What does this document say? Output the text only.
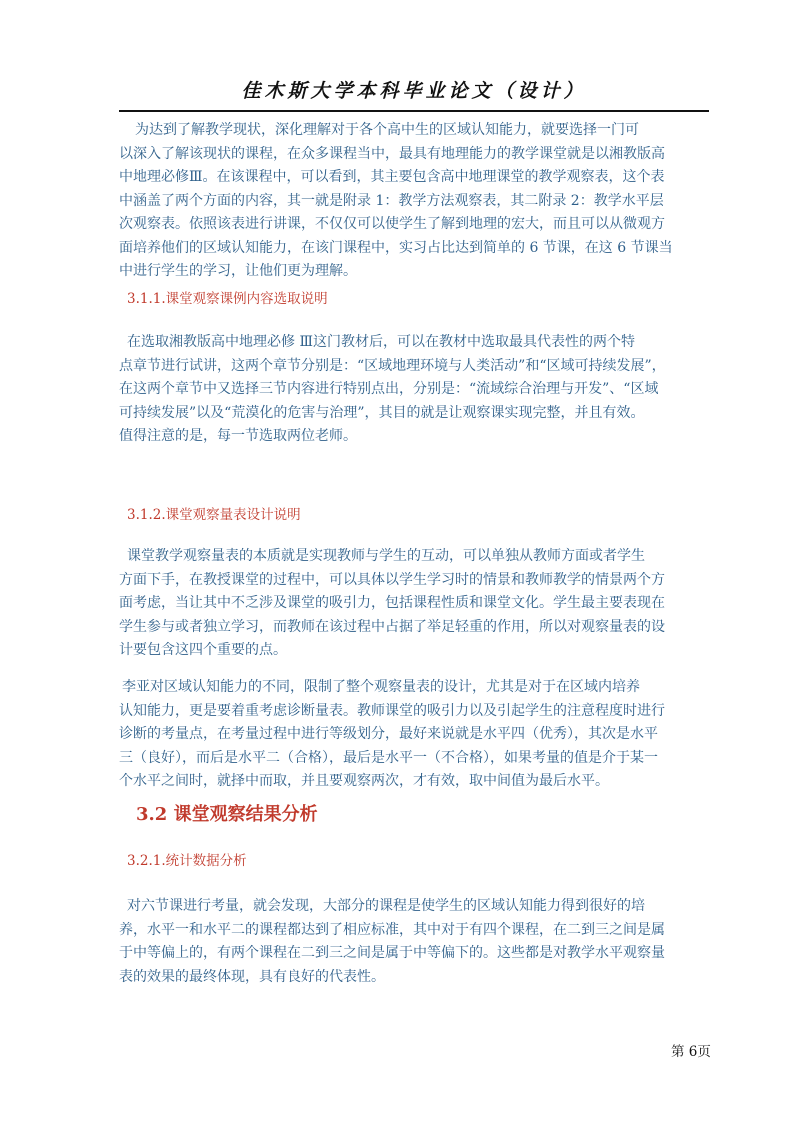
佳木斯大学本科毕业论文（设计）

为达到了解教学现状，深化理解对于各个高中生的区域认知能力，就要选择一门可

以深入了解该现状的课程，在众多课程当中，最具有地理能力的教学课堂就是以湘教版高

中地理必修Ⅲ。在该课程中，可以看到，其主要包含高中地理课堂的教学观察表，这个表

中涵盖了两个方面的内容，其一就是附录 1：教学方法观察表，其二附录 2：教学水平层

次观察表。依照该表进行讲课，不仅仅可以使学生了解到地理的宏大，而且可以从微观方

面培养他们的区域认知能力，在该门课程中，实习占比达到简单的 6 节课，在这 6 节课当

中进行学生的学习，让他们更为理解。

3.1.1.课堂观察课例内容选取说明

在选取湘教版高中地理必修 Ⅲ这门教材后，可以在教材中选取最具代表性的两个特

点章节进行试讲，这两个章节分别是：“区域地理环境与人类活动”和“区域可持续发展”，

在这两个章节中又选择三节内容进行特别点出，分别是：“流域综合治理与开发”、“区域

可持续发展”以及“荒漠化的危害与治理”，其目的就是让观察课实现完整，并且有效。

值得注意的是，每一节选取两位老师。

3.1.2.课堂观察量表设计说明

课堂教学观察量表的本质就是实现教师与学生的互动，可以单独从教师方面或者学生

方面下手，在教授课堂的过程中，可以具体以学生学习时的情景和教师教学的情景两个方

面考虑，当让其中不乏涉及课堂的吸引力，包括课程性质和课堂文化。学生最主要表现在

学生参与或者独立学习，而教师在该过程中占据了举足轻重的作用，所以对观察量表的设

计要包含这四个重要的点。

李亚对区域认知能力的不同，限制了整个观察量表的设计，尤其是对于在区域内培养

认知能力，更是要着重考虑诊断量表。教师课堂的吸引力以及引起学生的注意程度时进行

诊断的考量点，在考量过程中进行等级划分，最好来说就是水平四（优秀），其次是水平

三（良好），而后是水平二（合格），最后是水平一（不合格），如果考量的值是介于某一

个水平之间时，就择中而取，并且要观察两次，才有效，取中间值为最后水平。

3.2 课堂观察结果分析

3.2.1.统计数据分析

对六节课进行考量，就会发现，大部分的课程是使学生的区域认知能力得到很好的培

养，水平一和水平二的课程都达到了相应标准，其中对于有四个课程，在二到三之间是属

于中等偏上的，有两个课程在二到三之间是属于中等偏下的。这些都是对教学水平观察量

表的效果的最终体现，具有良好的代表性。

第 6页
